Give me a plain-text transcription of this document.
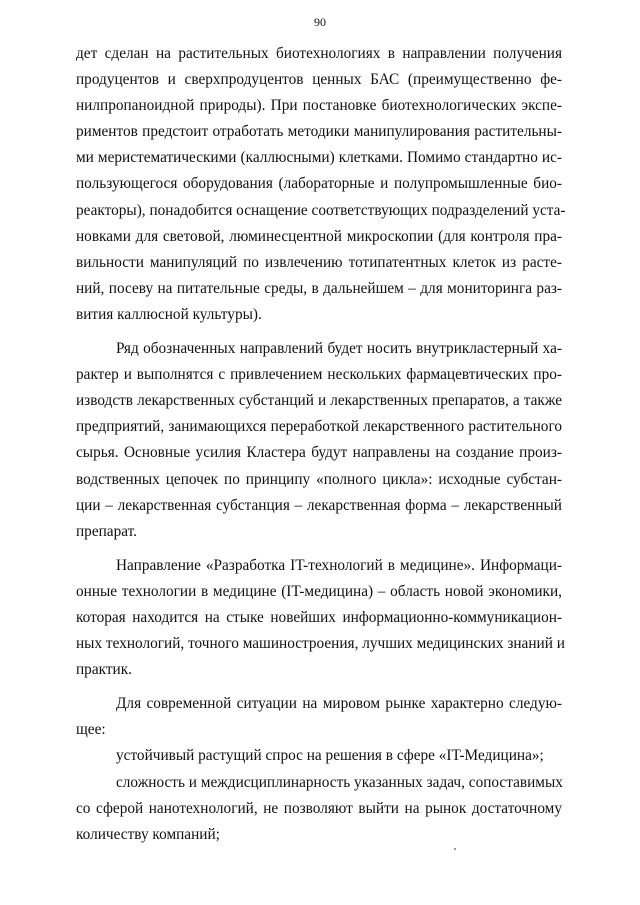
90
дет сделан на растительных биотехнологиях в направлении получения
продуцентов и сверхпродуцентов ценных БАС (преимущественно фе-
нилпропаноидной природы). При постановке биотехнологических экспе-
риментов предстоит отработать методики манипулирования растительны-
ми меристематическими (каллюсными) клетками. Помимо стандартно ис-
пользующегося оборудования (лабораторные и полупромышленные био-
реакторы), понадобится оснащение соответствующих подразделений уста-
новками для световой, люминесцентной микроскопии (для контроля пра-
вильности манипуляций по извлечению тотипатентных клеток из расте-
ний, посеву на питательные среды, в дальнейшем – для мониторинга раз-
вития каллюсной культуры).
Ряд обозначенных направлений будет носить внутрикластерный ха-
рактер и выполнятся с привлечением нескольких фармацевтических про-
изводств лекарственных субстанций и лекарственных препаратов, а также
предприятий, занимающихся переработкой лекарственного растительного
сырья. Основные усилия Кластера будут направлены на создание произ-
водственных цепочек по принципу «полного цикла»: исходные субстан-
ции – лекарственная субстанция – лекарственная форма – лекарственный
препарат.
Направление «Разработка IT-технологий в медицине». Информаци-
онные технологии в медицине (IT-медицина) – область новой экономики,
которая находится на стыке новейших информационно-коммуникацион-
ных технологий, точного машиностроения, лучших медицинских знаний и
практик.
Для современной ситуации на мировом рынке характерно следую-
щее:
устойчивый растущий спрос на решения в сфере «IT-Медицина»;
сложность и междисциплинарность указанных задач, сопоставимых
со сферой нанотехнологий, не позволяют выйти на рынок достаточному
количеству компаний;
